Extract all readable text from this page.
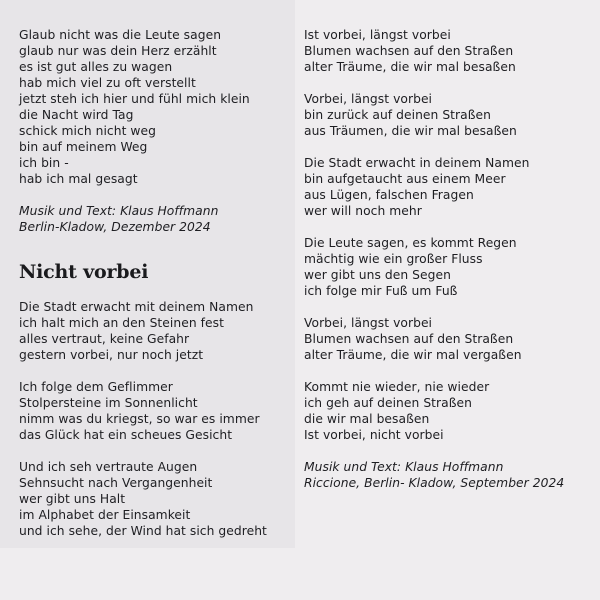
Glaub nicht was die Leute sagen
glaub nur was dein Herz erzählt
es ist gut alles zu wagen
hab mich viel zu oft verstellt
jetzt steh ich hier und fühl mich klein
die Nacht wird Tag
schick mich nicht weg
bin auf meinem Weg
ich bin -
hab ich mal gesagt
Musik und Text: Klaus Hoffmann
Berlin-Kladow, Dezember 2024
Nicht vorbei
Die Stadt erwacht mit deinem Namen
ich halt mich an den Steinen fest
alles vertraut, keine Gefahr
gestern vorbei, nur noch jetzt
Ich folge dem Geflimmer
Stolpersteine im Sonnenlicht
nimm was du kriegst, so war es immer
das Glück hat ein scheues Gesicht
Und ich seh vertraute Augen
Sehnsucht nach Vergangenheit
wer gibt uns Halt
im Alphabet der Einsamkeit
und ich sehe, der Wind hat sich gedreht
Ist vorbei, längst vorbei
Blumen wachsen auf den Straßen
alter Träume, die wir mal besaßen
Vorbei, längst vorbei
bin zurück auf deinen Straßen
aus Träumen, die wir mal besaßen
Die Stadt erwacht in deinem Namen
bin aufgetaucht aus einem Meer
aus Lügen, falschen Fragen
wer will noch mehr
Die Leute sagen, es kommt Regen
mächtig wie ein großer Fluss
wer gibt uns den Segen
ich folge mir Fuß um Fuß
Vorbei, längst vorbei
Blumen wachsen auf den Straßen
alter Träume, die wir mal vergaßen
Kommt nie wieder, nie wieder
ich geh auf deinen Straßen
die wir mal besaßen
Ist vorbei, nicht vorbei
Musik und Text: Klaus Hoffmann
Riccione, Berlin- Kladow, September 2024
